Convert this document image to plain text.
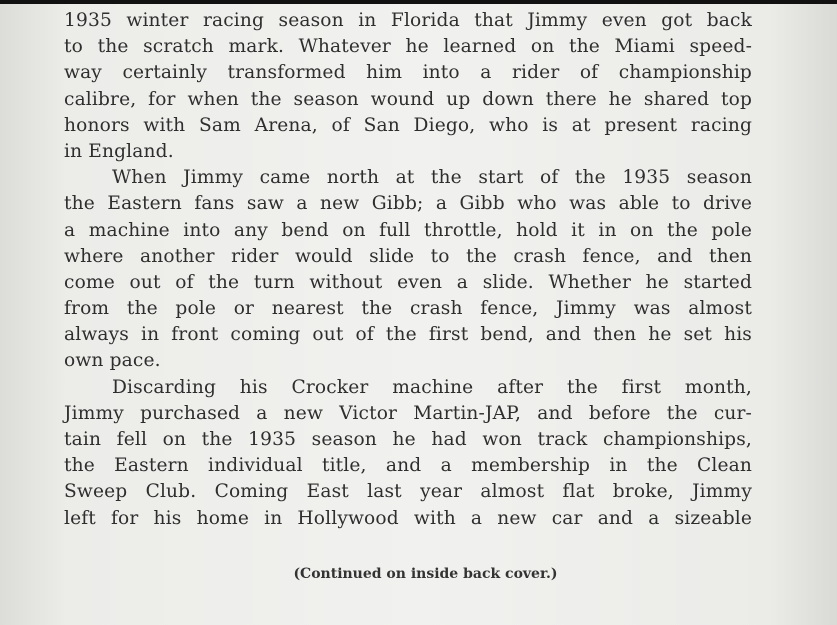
1935 winter racing season in Florida that Jimmy even got back
to the scratch mark. Whatever he learned on the Miami speed-
way certainly transformed him into a rider of championship
calibre, for when the season wound up down there he shared top
honors with Sam Arena, of San Diego, who is at present racing
in England.
When Jimmy came north at the start of the 1935 season
the Eastern fans saw a new Gibb; a Gibb who was able to drive
a machine into any bend on full throttle, hold it in on the pole
where another rider would slide to the crash fence, and then
come out of the turn without even a slide. Whether he started
from the pole or nearest the crash fence, Jimmy was almost
always in front coming out of the first bend, and then he set his
own pace.
Discarding his Crocker machine after the first month,
Jimmy purchased a new Victor Martin-JAP, and before the cur-
tain fell on the 1935 season he had won track championships,
the Eastern individual title, and a membership in the Clean
Sweep Club. Coming East last year almost flat broke, Jimmy
left for his home in Hollywood with a new car and a sizeable
(Continued on inside back cover.)
